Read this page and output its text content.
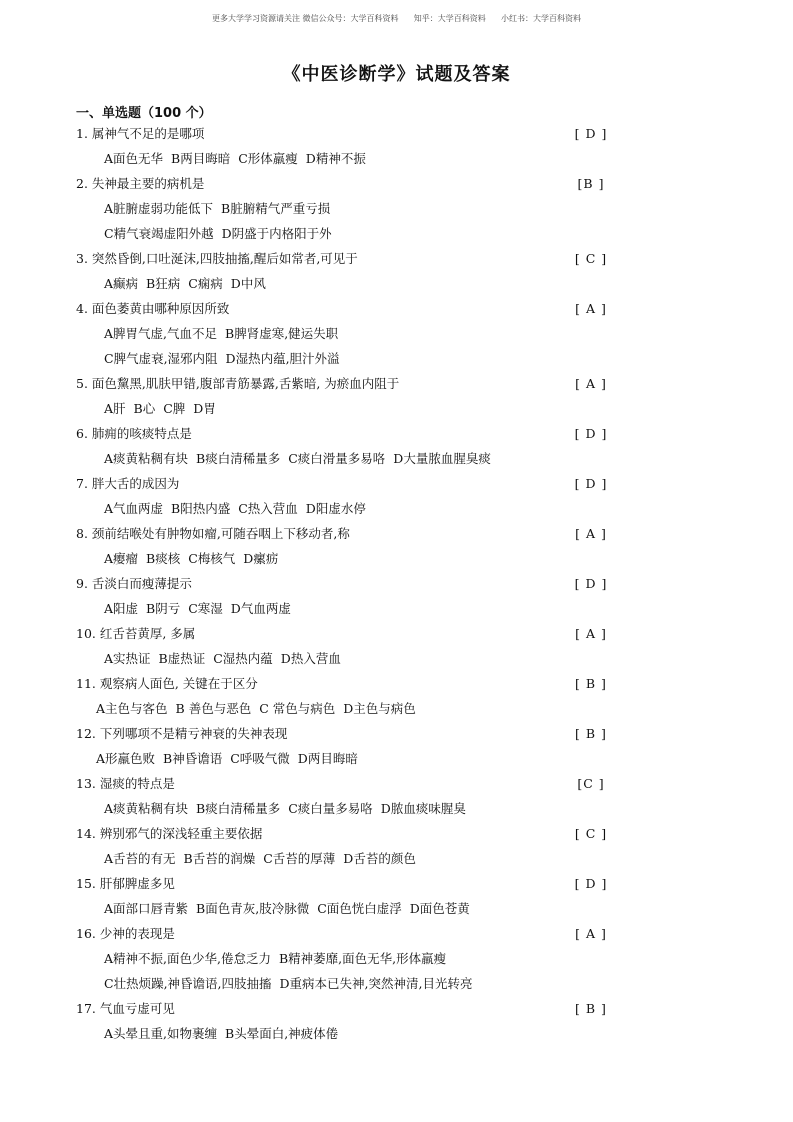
更多大学学习资源请关注 微信公众号：大学百科资料      知乎：大学百科资料      小红书：大学百科资料
《中医诊断学》试题及答案
一、单选题（100 个）
1. 属神气不足的是哪项	[ D ]
A面色无华 B两目晦暗 C形体羸瘦 D精神不振
2. 失神最主要的病机是	[B ]
A脏腑虚弱功能低下 B脏腑精气严重亏损
C精气衰竭虚阳外越 D阴盛于内格阳于外
3. 突然昏倒,口吐涎沫,四肢抽搐,醒后如常者,可见于	[ C ]
A癫病 B狂病 C痫病 D中风
4. 面色萎黄由哪种原因所致	[ A ]
A脾胃气虚,气血不足 B脾肾虚寒,健运失职
C脾气虚衰,湿邪内阻 D湿热内蕴,胆汁外溢
5. 面色黧黑,肌肤甲错,腹部青筋暴露,舌紫暗, 为瘀血内阻于	[ A ]
A肝 B心 C脾 D胃
6. 肺痈的咳痰特点是	[ D ]
A痰黄粘稠有块 B痰白清稀量多 C痰白滑量多易咯 D大量脓血腥臭痰
7. 胖大舌的成因为	[ D ]
A气血两虚 B阳热内盛 C热入营血 D阳虚水停
8. 颈前结喉处有肿物如瘤,可随吞咽上下移动者,称	[ A ]
A瘿瘤 B痰核 C梅核气 D瘰疬
9. 舌淡白而瘦薄提示	[ D ]
A阳虚 B阴亏 C寒湿 D气血两虚
10. 红舌苔黄厚, 多属	[ A ]
A实热证 B虚热证 C湿热内蕴 D热入营血
11. 观察病人面色, 关键在于区分	[ B ]
A主色与客色 B 善色与恶色 C 常色与病色 D主色与病色
12. 下列哪项不是精亏神衰的失神表现	[ B ]
A形羸色败 B神昏谵语 C呼吸气微 D两目晦暗
13. 湿痰的特点是	[C ]
A痰黄粘稠有块 B痰白清稀量多 C痰白量多易咯 D脓血痰味腥臭
14. 辨别邪气的深浅轻重主要依据	[ C ]
A舌苔的有无 B舌苔的润燥 C舌苔的厚薄 D舌苔的颜色
15. 肝郁脾虚多见	[ D ]
A面部口唇青紫 B面色青灰,肢冷脉微 C面色恍白虚浮 D面色苍黄
16. 少神的表现是	[ A ]
A精神不振,面色少华,倦怠乏力 B精神萎靡,面色无华,形体羸瘦
C壮热烦躁,神昏谵语,四肢抽搐 D重病本已失神,突然神清,目光转亮
17. 气血亏虚可见	[ B ]
A头晕且重,如物裹缠 B头晕面白,神疲体倦
